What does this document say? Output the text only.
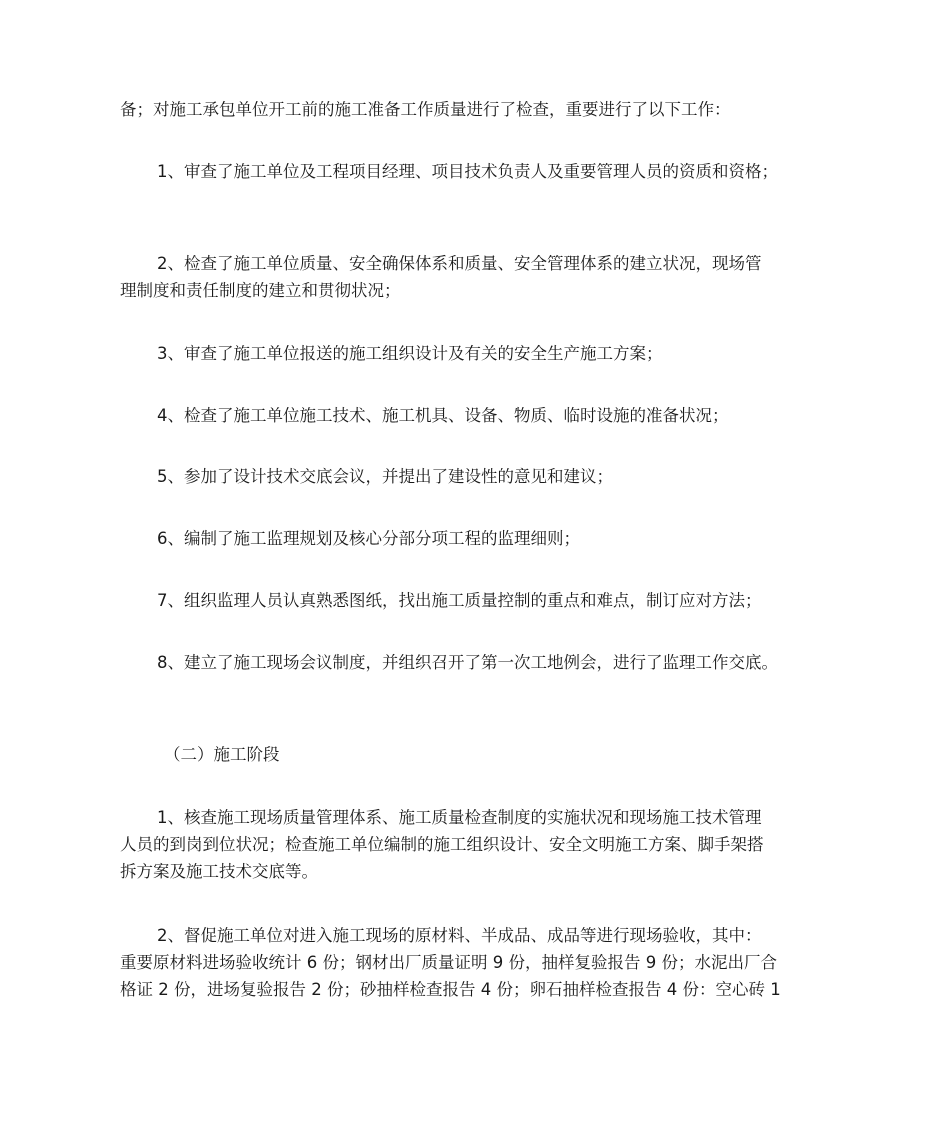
备；对施工承包单位开工前的施工准备工作质量进行了检查，重要进行了以下工作：
1、审查了施工单位及工程项目经理、项目技术负责人及重要管理人员的资质和资格；
2、检查了施工单位质量、安全确保体系和质量、安全管理体系的建立状况，现场管
理制度和责任制度的建立和贯彻状况；
3、审查了施工单位报送的施工组织设计及有关的安全生产施工方案；
4、检查了施工单位施工技术、施工机具、设备、物质、临时设施的准备状况；
5、参加了设计技术交底会议，并提出了建设性的意见和建议；
6、编制了施工监理规划及核心分部分项工程的监理细则；
7、组织监理人员认真熟悉图纸，找出施工质量控制的重点和难点，制订应对方法；
8、建立了施工现场会议制度，并组织召开了第一次工地例会，进行了监理工作交底。
（二）施工阶段
1、核查施工现场质量管理体系、施工质量检查制度的实施状况和现场施工技术管理
人员的到岗到位状况；检查施工单位编制的施工组织设计、安全文明施工方案、脚手架搭
拆方案及施工技术交底等。
2、督促施工单位对进入施工现场的原材料、半成品、成品等进行现场验收，其中：
重要原材料进场验收统计 6 份；钢材出厂质量证明 9 份，抽样复验报告 9 份；水泥出厂合
格证 2 份，进场复验报告 2 份；砂抽样检查报告 4 份；卵石抽样检查报告 4 份：空心砖 1
